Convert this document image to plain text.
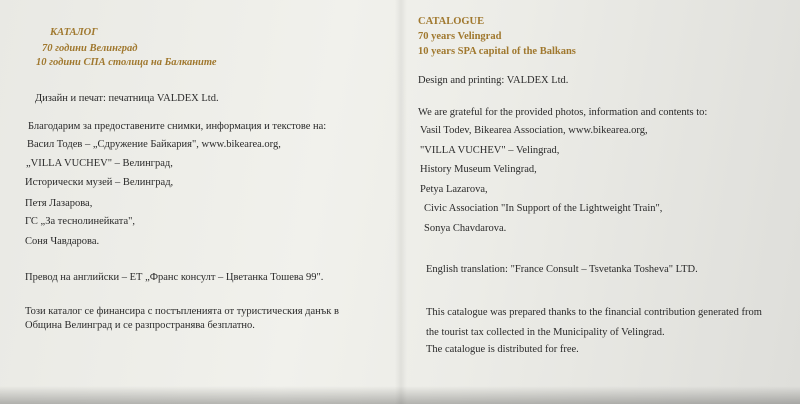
КАТАЛОГ
70 години Велинград
10 години СПА столица на Балканите
Дизайн и печат: печатница VALDEX Ltd.
Благодарим за предоставените снимки, информация и текстове на:
Васил Тодев – „Сдружение Байкария", www.bikearea.org,
„VILLA VUCHEV" – Велинград,
Исторически музей – Велинград,
Петя Лазарова,
ГС „За теснолинейката",
Соня Чавдарова.
Превод на английски – ЕТ „Франс консулт – Цветанка Тошева 99".
Този каталог се финансира с постъпленията от туристическия данък в
Община Велинград и се разпространява безплатно.
CATALOGUE
70 years Velingrad
10 years SPA capital of the Balkans
Design and printing: VALDEX Ltd.
We are grateful for the provided photos, information and contents to:
Vasil Todev, Bikearea Association, www.bikearea.org,
"VILLA VUCHEV" – Velingrad,
History Museum Velingrad,
Petya Lazarova,
Civic Association "In Support of the Lightweight Train",
Sonya Chavdarova.
English translation: "France Consult – Tsvetanka Tosheva" LTD.
This catalogue was prepared thanks to the financial contribution generated from
the tourist tax collected in the Municipality of Velingrad.
The catalogue is distributed for free.
